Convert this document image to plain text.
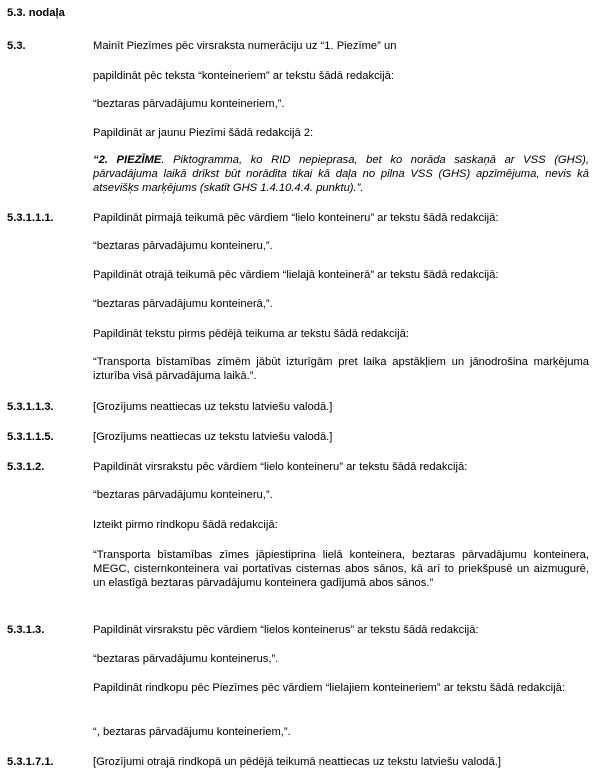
5.3. nodaļa
5.3.	Mainīt Piezīmes pēc virsraksta numerāciju uz “1. Piezīme” un
papildināt pēc teksta “konteineriem” ar tekstu šādā redakcijā:
“beztaras pārvadājumu konteineriem,”.
Papildināt ar jaunu Piezīmi šādā redakcijā 2:
“2. PIEZĪME. Piktogramma, ko RID nepieprasa, bet ko norāda saskaņā ar VSS (GHS), pārvadājuma laikā drīkst būt norādīta tikai kā daļa no pilna VSS (GHS) apzīmējuma, nevis kā atsevišķs marķējums (skatīt GHS 1.4.10.4.4. punktu).”.
5.3.1.1.1.	Papildināt pirmajā teikumā pēc vārdiem “lielo konteineru” ar tekstu šādā redakcijā:
“beztaras pārvadājumu konteineru,”.
Papildināt otrajā teikumā pēc vārdiem “lielajā konteinerā” ar tekstu šādā redakcijā:
“beztaras pārvadājumu konteinerā,”.
Papildināt tekstu pirms pēdējā teikuma ar tekstu šādā redakcijā:
“Transporta bīstamības zīmēm jābūt izturīgām pret laika apstākļiem un jānodrošina marķējuma izturība visā pārvadājuma laikā.”.
5.3.1.1.3.	[Grozījums neattiecas uz tekstu latviešu valodā.]
5.3.1.1.5.	[Grozījums neattiecas uz tekstu latviešu valodā.]
5.3.1.2.	Papildināt virsrakstu pēc vārdiem “lielo konteineru” ar tekstu šādā redakcijā:
“beztaras pārvadājumu konteineru,”.
Izteikt pirmo rindkopu šādā redakcijā:
“Transporta bīstamības zīmes jāpiestiprina lielā konteinera, beztaras pārvadājumu konteinera, MEGC, cisternkonteinera vai portatīvas cisternas abos sānos, kā arī to priekšpusē un aizmugurē, un elastīgā beztaras pārvadājumu konteinera gadījumā abos sānos.”
5.3.1.3.	Papildināt virsrakstu pēc vārdiem “lielos konteinerus” ar tekstu šādā redakcijā:
“beztaras pārvadājumu konteinerus,”.
Papildināt rindkopu pēc Piezīmes pēc vārdiem “lielajiem konteineriem” ar tekstu šādā redakcijā:
“, beztaras pārvadājumu konteineriem,”.
5.3.1.7.1.	[Grozījumi otrajā rindkopā un pēdējā teikumā neattiecas uz tekstu latviešu valodā.]
